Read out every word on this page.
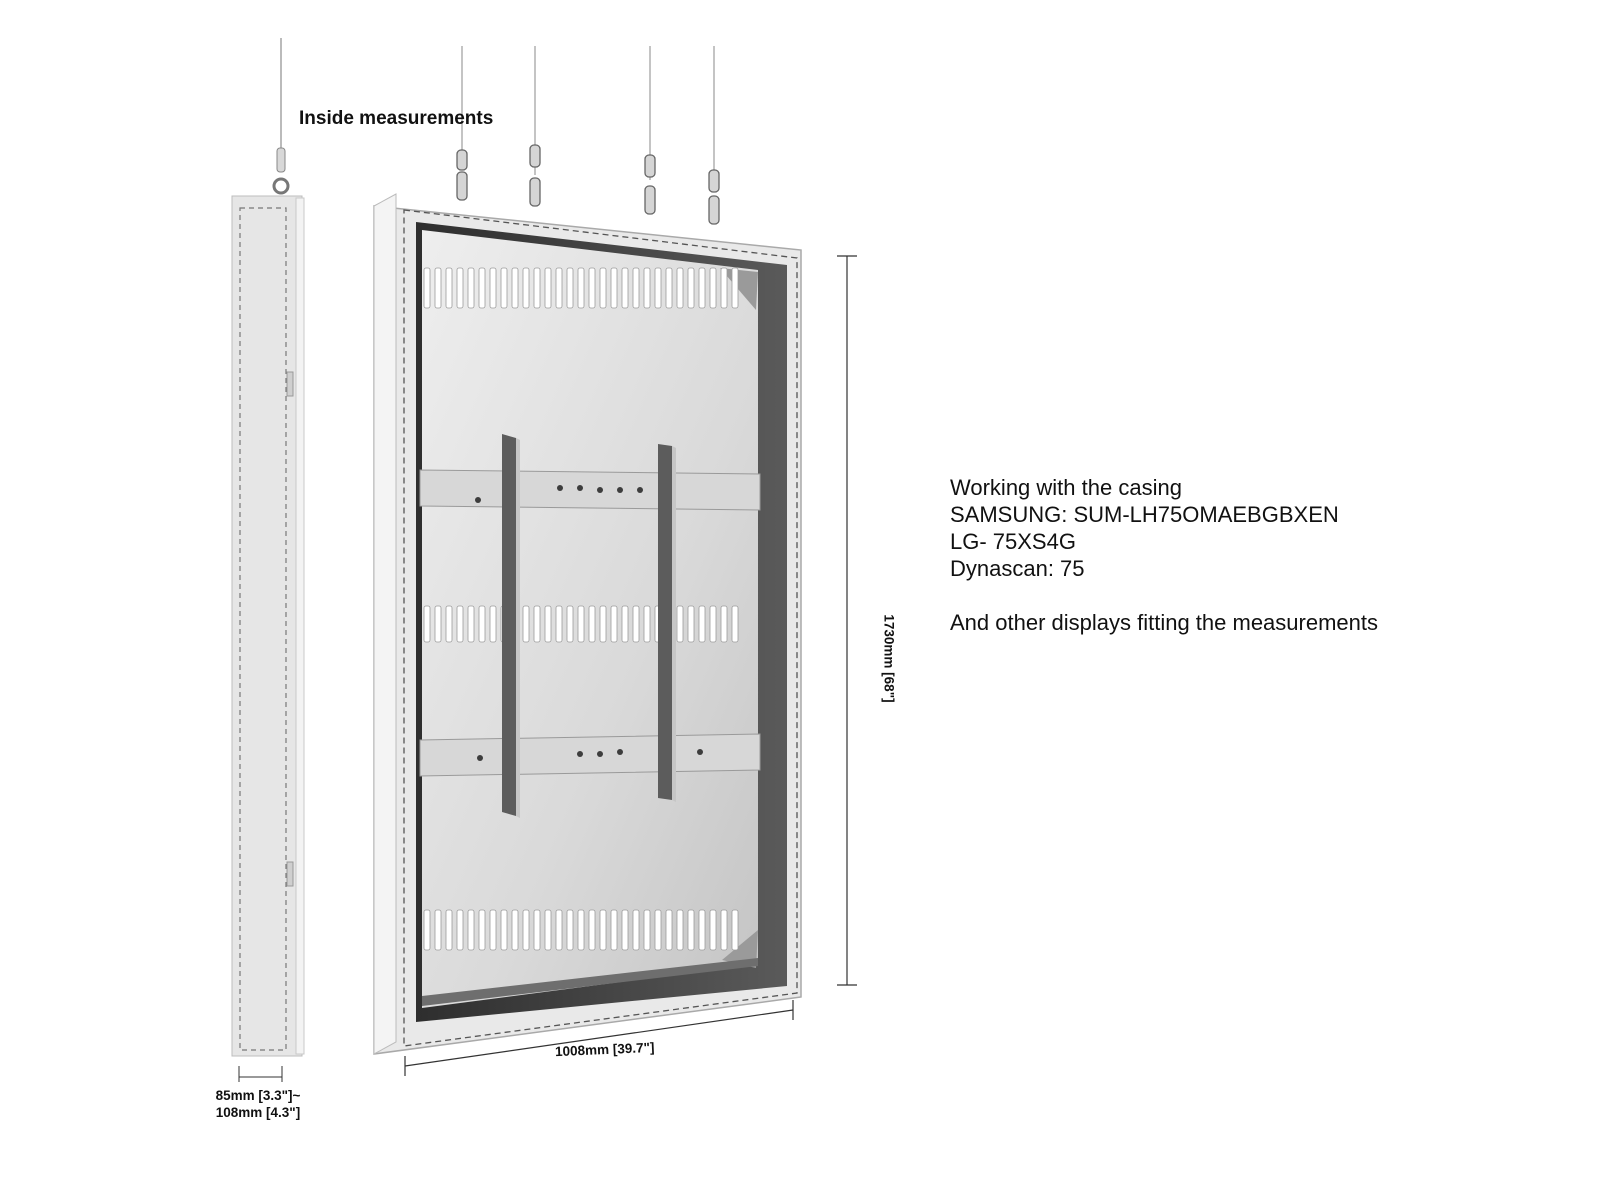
Inside measurements
1008mm [39.7"]
1730mm [68"]
85mm [3.3"]~
108mm [4.3"]
Working with the casing
SAMSUNG: SUM-LH75OMAEBGBXEN
LG- 75XS4G
Dynascan: 75
And other displays fitting the measurements
